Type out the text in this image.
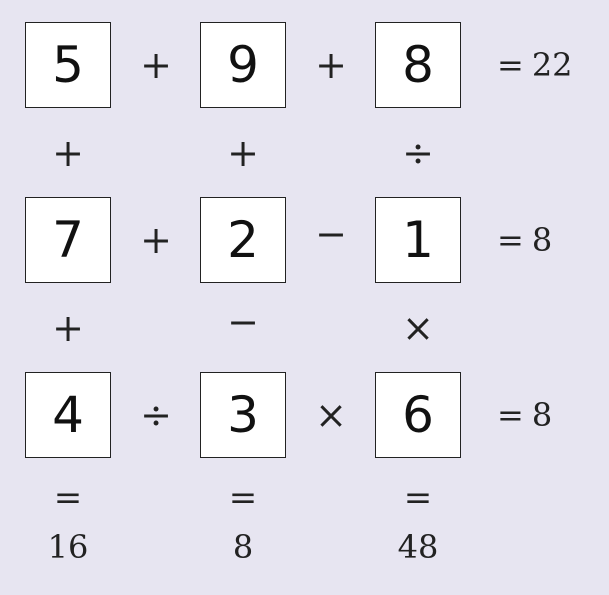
5	+	9	+	8	= 22
+	+	÷
7	+	2	−	1	= 8
+	−	×
4	÷	3	×	6	= 8
=	=	=
16	8	48
